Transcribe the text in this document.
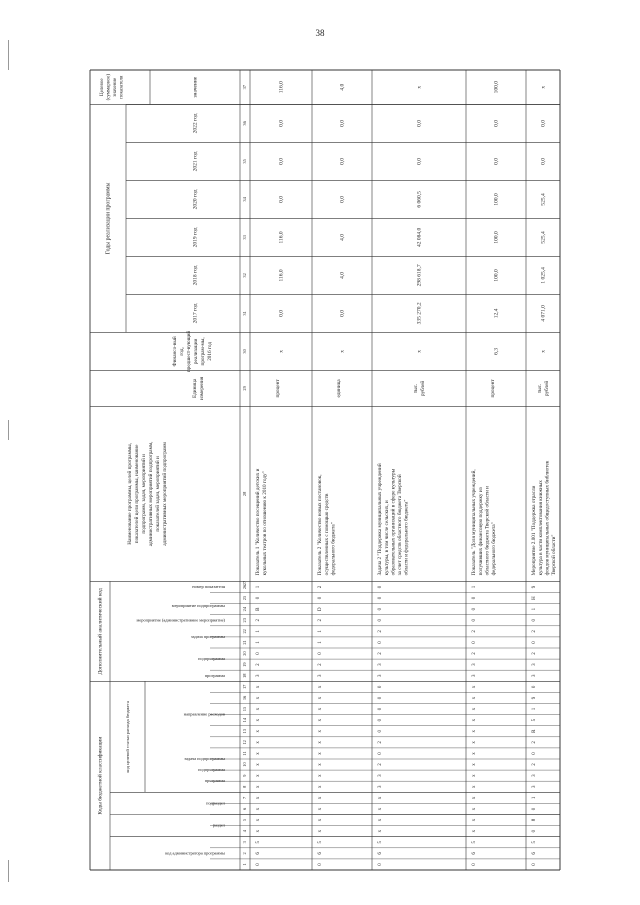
38
Коды бюджетной классификации
Дополнительный аналитический код
код целевой статьи расхода бюджета
код администратора программы
раздел
подраздел
программа
подпрограмма
задача подпрограммы
направление расходов
программа
подпрограмма
задача программы
мероприятие (административное мероприятие)
мероприятие подпрограммы
номер показателя
Наименование программы, целей программы, показателей цели программы, наименование подпрограмм, задач, мероприятий и административных мероприятий подпрограмм, показателей задач, мероприятий и административных мероприятий подпрограмм
Единица измерения
Финансо-вый год, предшест-вующий реализации програм-мы, 2016 год
Годы реализации программы
Целевое (суммарное) значение показателя	значение
2017 год
2018 год
2019 год
2020 год
2021 год
2022 год
1
2
3
4
5
6
7
8
9
10
11
12
13
14
15
16
17
18
19
20
21
22
23
24
25
26
27
28
29
30
31
32
33
34
35
36
37
0
6
5
x
x
x
x
x
x
x
x
x
x
x
x
x
x
3
2
0
1
1
2
В
0
1
Показатель 1 "Количество посещений детских и кукольных театров по отношению к 2010 году"
процент
x
0,0
116,0
116,0
0,0
0,0
0,0
116,0
0
6
5
x
x
x
x
x
x
x
x
x
x
x
x
x
x
3
2
0
1
1
2
D
0
2
Показатель 2 "Количество новых постановок, осуществленных с помощью средств федерального бюджета"
единица
x
0,0
4,0
4,0
0,0
0,0
0,0
4,0
0
6
5
x
x
x
x
3
3
2
0
2
0
0
0
0
0
3
3
2
0
2
0
0
0
0
Задача 2 "Поддержка муниципальных учреждений культуры, в том числе сельских, и образовательных организаций в сфере культуры за счет средств областного бюджета Тверской области и федерального бюджета"
тыс. рублей
x
335 270,2
298 618,7
42 084,0
6 060,5
0,0
0,0
x
0
6
5
x
x
x
x
x
x
x
x
x
x
x
x
x
x
3
3
2
0
2
0
0
0
1
Показатель "Доля муниципальных учреждений, получивших финансовую поддержку из областного бюджета Тверской области и федерального бюджета"
процент
6,3
12,4
100,0
100,0
100,0
0,0
0,0
100,0
0
6
5
0
8
0
1
3
3
2
0
2
R
5
1
9
0
3
3
2
0
2
0
1
Н
9
Мероприятие 2.001 "Поддержка отрасли культура в части комплектования книжных фондов муниципальных общедоступных библиотек Тверской области"
тыс. рублей
x
4 071,0
1 025,4
525,4
525,4
0,0
0,0
x
